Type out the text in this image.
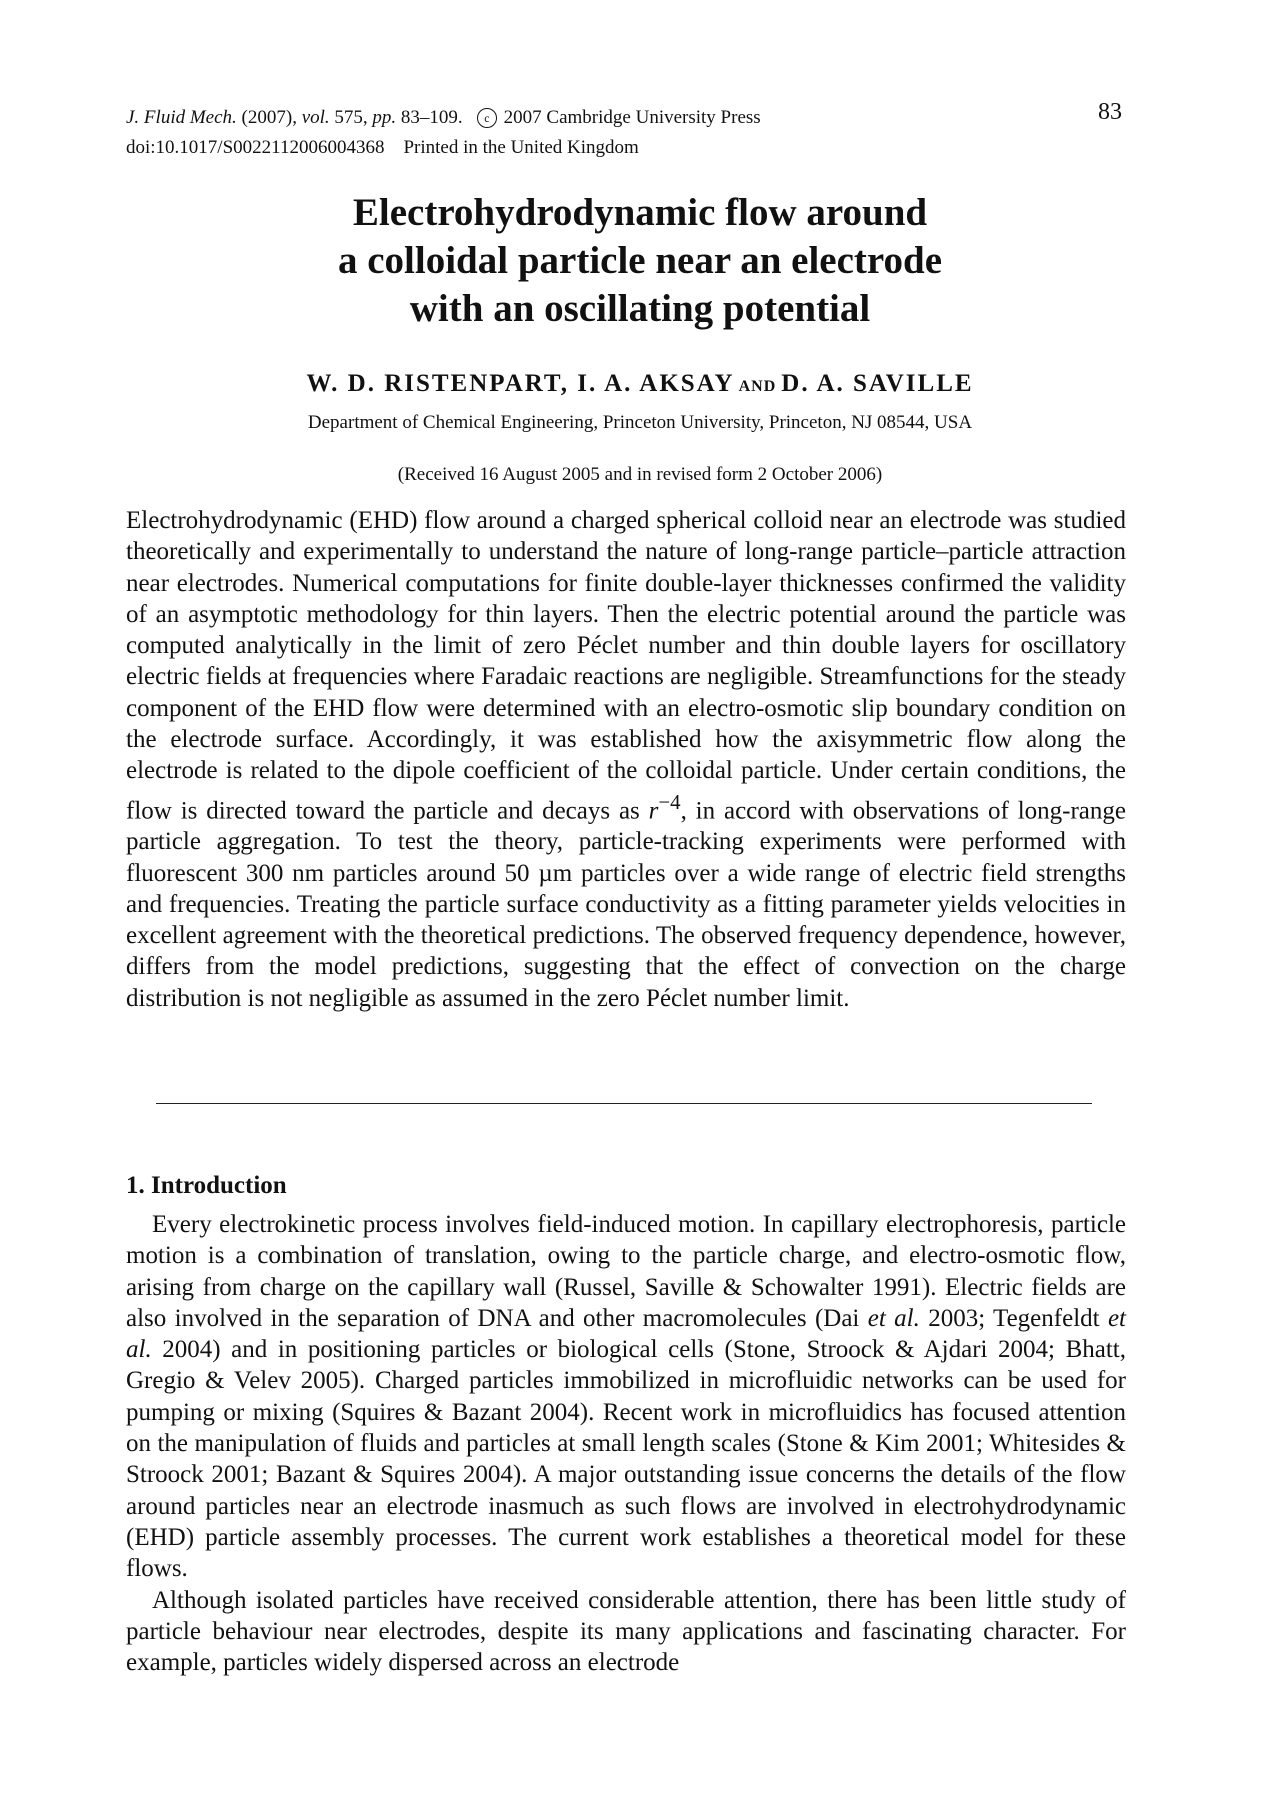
J. Fluid Mech. (2007), vol. 575, pp. 83–109. c 2007 Cambridge University Press
doi:10.1017/S0022112006004368 Printed in the United Kingdom
83
Electrohydrodynamic flow around
a colloidal particle near an electrode
with an oscillating potential
W. D. RISTENPART, I. A. AKSAY AND D. A. SAVILLE
Department of Chemical Engineering, Princeton University, Princeton, NJ 08544, USA
(Received 16 August 2005 and in revised form 2 October 2006)

Electrohydrodynamic (EHD) flow around a charged spherical colloid near an electrode was studied theoretically and experimentally to understand the nature of long-range particle–particle attraction near electrodes. Numerical computations for finite double-layer thicknesses confirmed the validity of an asymptotic methodology for thin layers. Then the electric potential around the particle was computed analytically in the limit of zero Péclet number and thin double layers for oscillatory electric fields at frequencies where Faradaic reactions are negligible. Streamfunctions for the steady component of the EHD flow were determined with an electro-osmotic slip boundary condition on the electrode surface. Accordingly, it was established how the axisymmetric flow along the electrode is related to the dipole coefficient of the colloidal particle. Under certain conditions, the flow is directed toward the particle and decays as $r^{-4}$, in accord with observations of long-range particle aggregation. To test the theory, particle-tracking experiments were performed with fluorescent 300 nm particles around 50 µm particles over a wide range of electric field strengths and frequencies. Treating the particle surface conductivity as a fitting parameter yields velocities in excellent agreement with the theoretical predictions. The observed frequency dependence, however, differs from the model predictions, suggesting that the effect of convection on the charge distribution is not negligible as assumed in the zero Péclet number limit.

1. Introduction

Every electrokinetic process involves field-induced motion. In capillary electrophoresis, particle motion is a combination of translation, owing to the particle charge, and electro-osmotic flow, arising from charge on the capillary wall (Russel, Saville & Schowalter 1991). Electric fields are also involved in the separation of DNA and other macromolecules (Dai et al. 2003; Tegenfeldt et al. 2004) and in positioning particles or biological cells (Stone, Stroock & Ajdari 2004; Bhatt, Gregio & Velev 2005). Charged particles immobilized in microfluidic networks can be used for pumping or mixing (Squires & Bazant 2004). Recent work in microfluidics has focused attention on the manipulation of fluids and particles at small length scales (Stone & Kim 2001; Whitesides & Stroock 2001; Bazant & Squires 2004). A major outstanding issue concerns the details of the flow around particles near an electrode inasmuch as such flows are involved in electrohydrodynamic (EHD) particle assembly processes. The current work establishes a theoretical model for these flows.

Although isolated particles have received considerable attention, there has been little study of particle behaviour near electrodes, despite its many applications and fascinating character. For example, particles widely dispersed across an electrode
